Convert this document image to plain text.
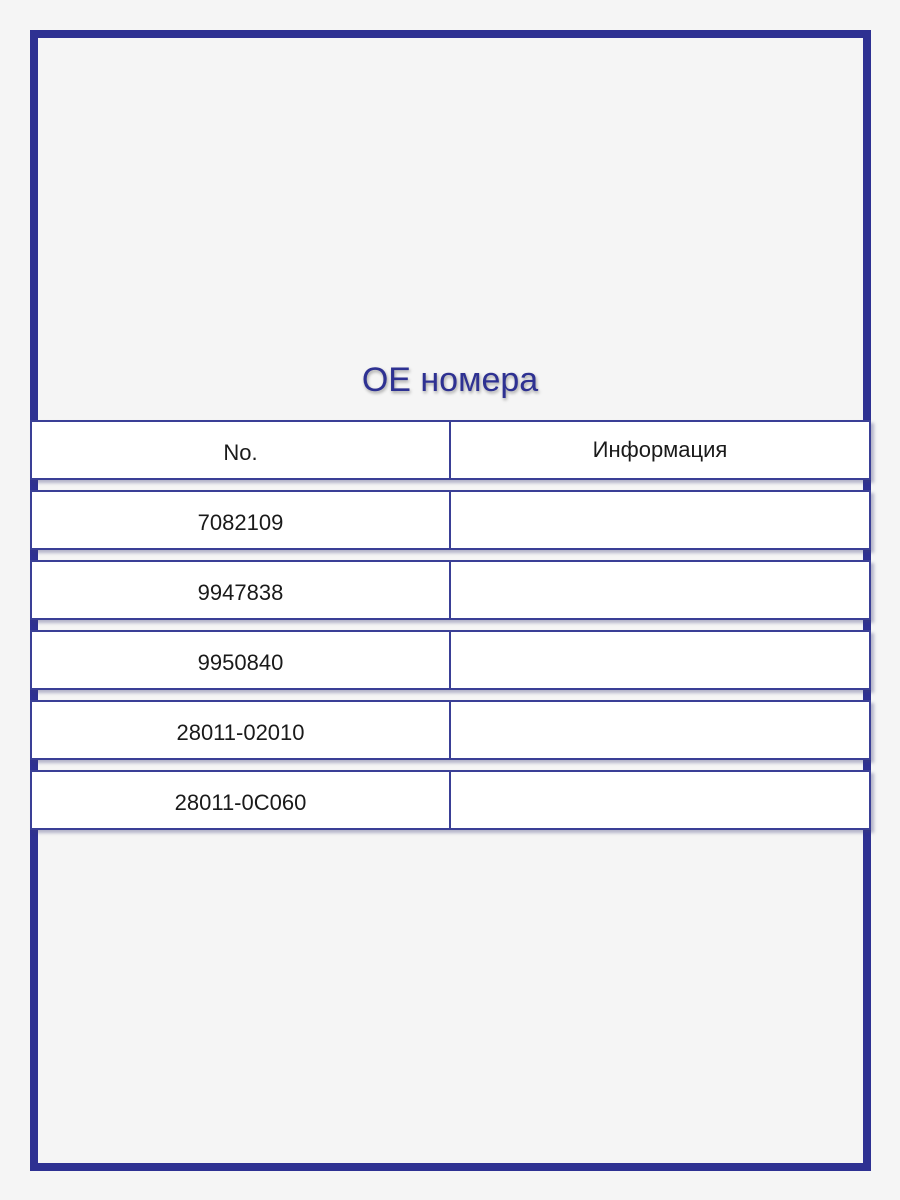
OE номера
No.	Информация
7082109
9947838
9950840
28011-02010
28011-0C060
